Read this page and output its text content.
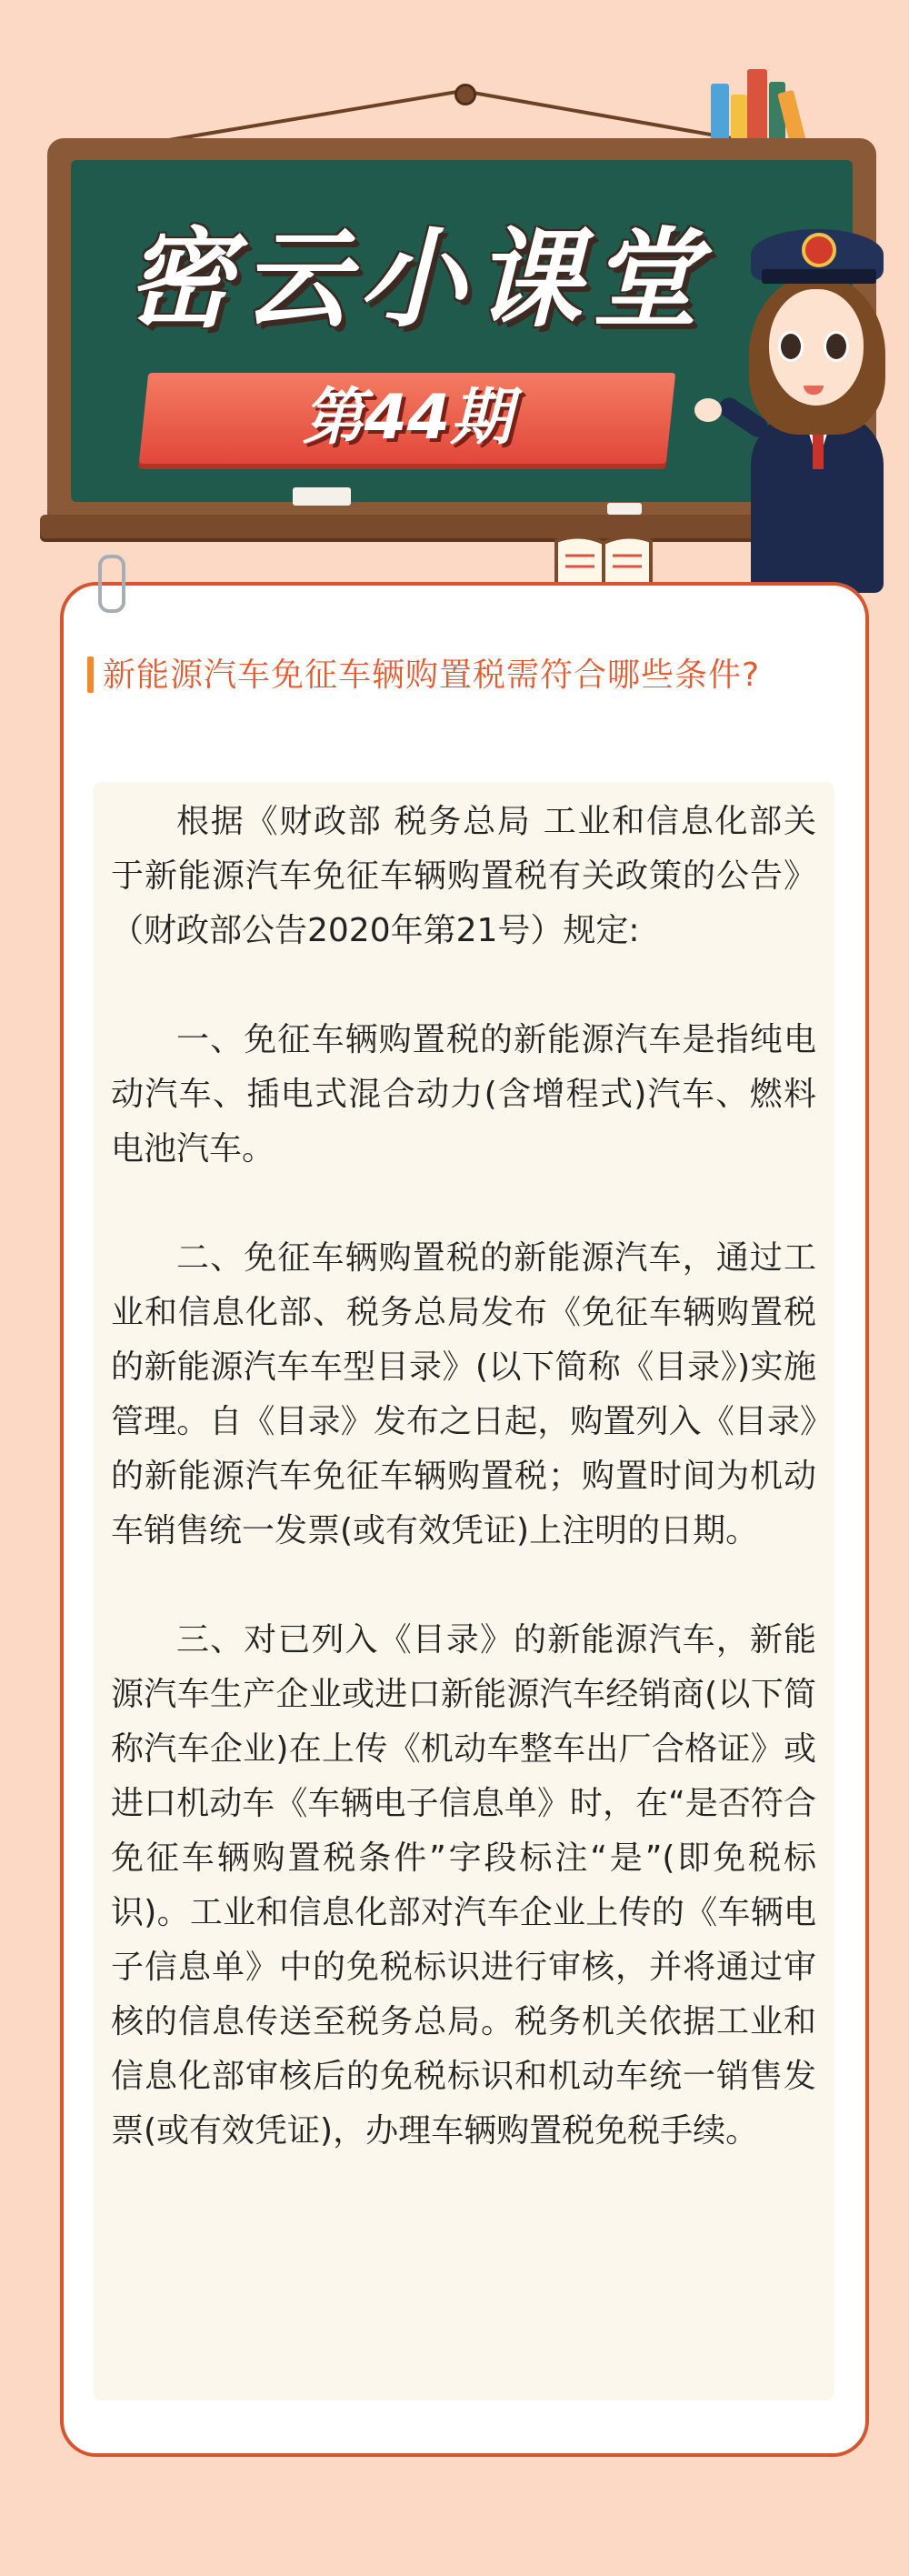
密云小课堂
第44期
新能源汽车免征车辆购置税需符合哪些条件?

根据《财政部 税务总局 工业和信息化部关于新能源汽车免征车辆购置税有关政策的公告》（财政部公告2020年第21号）规定:

一、免征车辆购置税的新能源汽车是指纯电动汽车、插电式混合动力(含增程式)汽车、燃料电池汽车。

二、免征车辆购置税的新能源汽车，通过工业和信息化部、税务总局发布《免征车辆购置税的新能源汽车车型目录》(以下简称《目录》)实施管理。自《目录》发布之日起，购置列入《目录》的新能源汽车免征车辆购置税；购置时间为机动车销售统一发票(或有效凭证)上注明的日期。

三、对已列入《目录》的新能源汽车，新能源汽车生产企业或进口新能源汽车经销商(以下简称汽车企业)在上传《机动车整车出厂合格证》或进口机动车《车辆电子信息单》时，在“是否符合免征车辆购置税条件”字段标注“是”(即免税标识)。工业和信息化部对汽车企业上传的《车辆电子信息单》中的免税标识进行审核，并将通过审核的信息传送至税务总局。税务机关依据工业和信息化部审核后的免税标识和机动车统一销售发票(或有效凭证)，办理车辆购置税免税手续。
